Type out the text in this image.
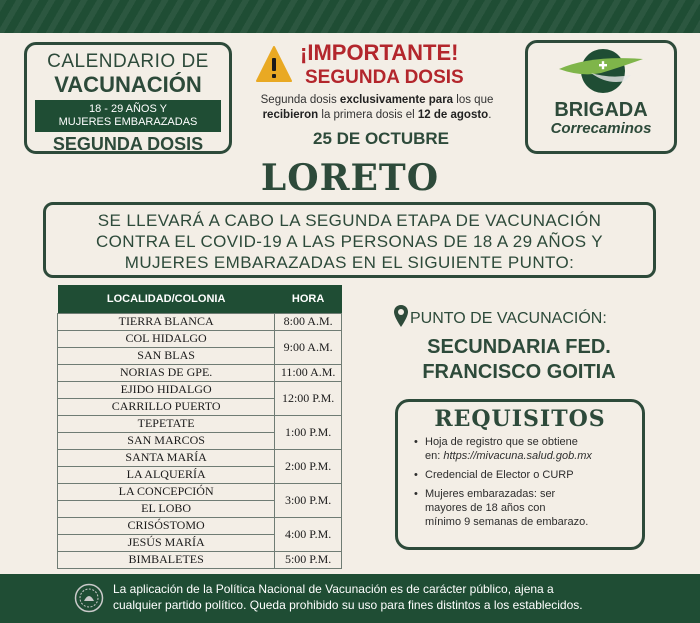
CALENDARIO DE
VACUNACIÓN
18 - 29 AÑOS Y
MUJERES EMBARAZADAS
SEGUNDA DOSIS
¡IMPORTANTE!
SEGUNDA DOSIS
Segunda dosis exclusivamente para los que
recibieron la primera dosis el 12 de agosto.
25 DE OCTUBRE
BRIGADA
Correcaminos
LORETO
SE LLEVARÁ A CABO LA SEGUNDA ETAPA DE VACUNACIÓN
CONTRA EL COVID-19 A LAS PERSONAS DE 18 A 29 AÑOS Y
MUJERES EMBARAZADAS EN EL SIGUIENTE PUNTO:
LOCALIDAD/COLONIA	HORA
TIERRA BLANCA	8:00 A.M.
COL HIDALGO	9:00 A.M.
SAN BLAS	
NORIAS DE GPE.	11:00 A.M.
EJIDO HIDALGO	12:00 P.M.
CARRILLO PUERTO	
TEPETATE	1:00 P.M.
SAN MARCOS	
SANTA MARÍA	2:00 P.M.
LA ALQUERÍA	
LA CONCEPCIÓN	3:00 P.M.
EL LOBO	
CRISÓSTOMO	4:00 P.M.
JESÚS MARÍA	
BIMBALETES	5:00 P.M.
PUNTO DE VACUNACIÓN:
SECUNDARIA FED.
FRANCISCO GOITIA
REQUISITOS
• Hoja de registro que se obtiene
en: https://mivacuna.salud.gob.mx
• Credencial de Elector o CURP
• Mujeres embarazadas: ser
mayores de 18 años con
mínimo 9 semanas de embarazo.
La aplicación de la Política Nacional de Vacunación es de carácter público, ajena a
cualquier partido político. Queda prohibido su uso para fines distintos a los establecidos.
